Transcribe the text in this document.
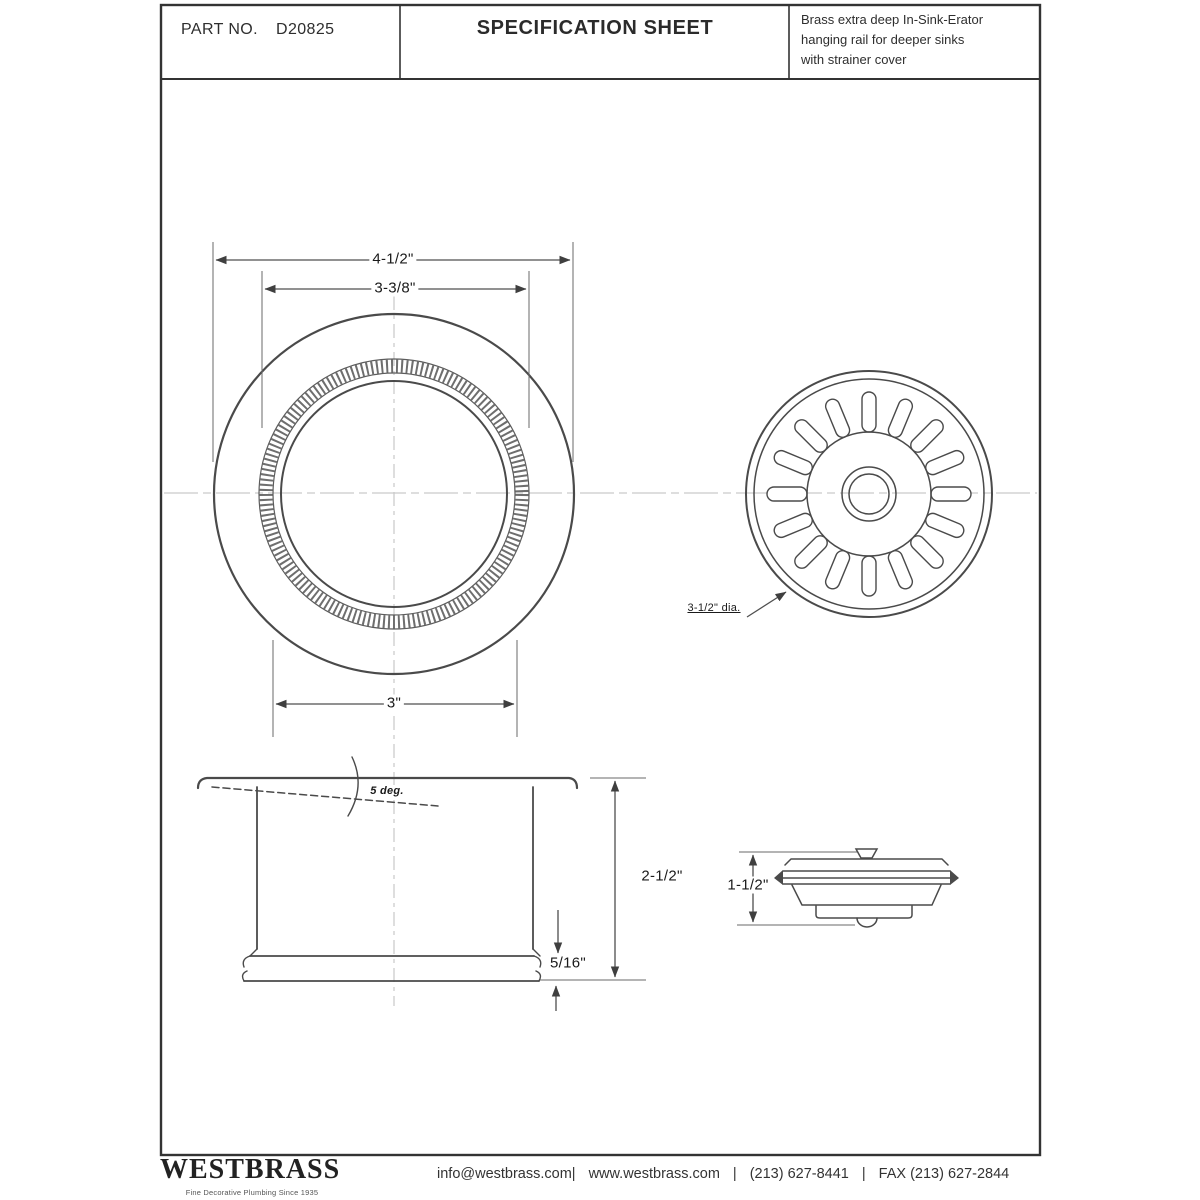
PART NO. D20825	SPECIFICATION SHEET	Brass extra deep In-Sink-Erator
hanging rail for deeper sinks
with strainer cover
4-1/2"
3-3/8"
3"
5 deg.
2-1/2"
5/16"
3-1/2" dia.
1-1/2"
WESTBRASS
Fine Decorative Plumbing Since 1935
info@westbrass.com| www.westbrass.com | (213) 627-8441 | FAX (213) 627-2844
